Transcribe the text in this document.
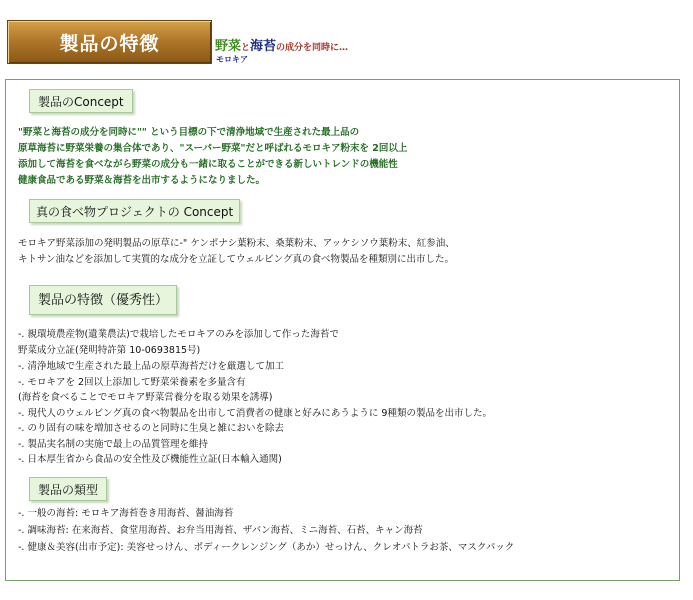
製品の特徴	野菜と海苔の成分を同時に…
モロキア
製品のConcept
"野菜と海苔の成分を同時に"" という目標の下で清浄地域で生産された最上品の
原草海苔に野菜栄養の集合体であり、"スーパー野菜"だと呼ばれるモロキア粉末を 2回以上
添加して海苔を食べながら野菜の成分も一緒に取ることができる新しいトレンドの機能性
健康食品である野菜＆海苔を出市するようになりました。
真の食べ物プロジェクトの Concept
モロキア野菜添加の発明製品の原草に-" ケンポナシ葉粉末、桑葉粉末、アッケシソウ葉粉末、紅参油、
キトサン油などを添加して実質的な成分を立証してウェルビング真の食べ物製品を種類別に出市した。
製品の特徴（優秀性）
-. 親環境農産物(遺業農法)で栽培したモロキアのみを添加して作った海苔で
野菜成分立証(発明特許第 10-0693815号)
-. 清浄地域で生産された最上品の原草海苔だけを厳選して加工
-. モロキアを 2回以上添加して野菜栄養素を多量含有
(海苔を食べることでモロキア野菜営養分を取る効果を誘導)
-. 現代人のウェルビング真の食べ物製品を出市して消費者の健康と好みにあうように 9種類の製品を出市した。
-. のり固有の味を増加させるのと同時に生臭と雑においを除去
-. 製品実名制の実施で最上の品質管理を維持
-. 日本厚生省から食品の安全性及び機能性立証(日本輸入通関)
製品の類型
-. 一般の海苔: モロキア海苔巻き用海苔、醤油海苔
-. 調味海苔: 在来海苔、食堂用海苔、お弁当用海苔、ザバン海苔、ミニ海苔、石苔、キャン海苔
-. 健康＆美容(出市予定): 美容せっけん、ボディークレンジング（あか）せっけん、クレオパトラお茶、マスクパック
